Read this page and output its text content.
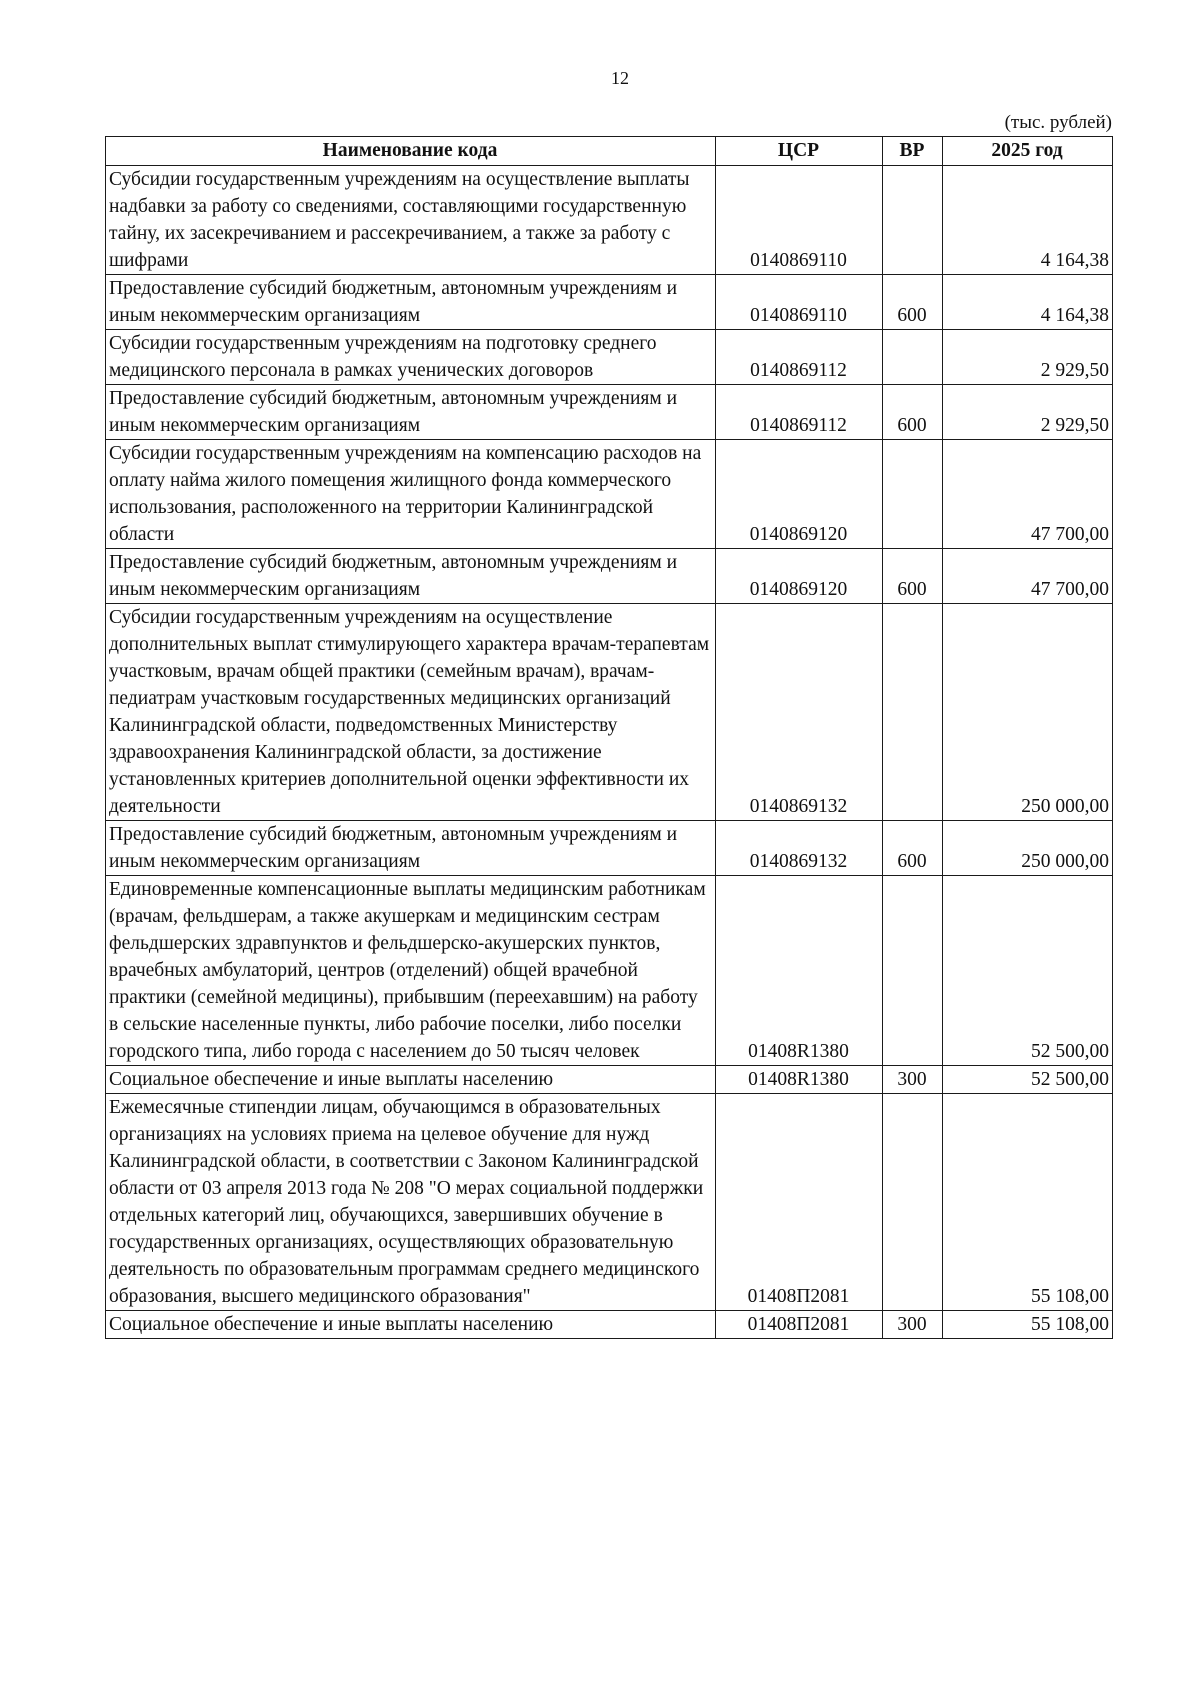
12
(тыс. рублей)
Наименование кода	ЦСР	ВР	2025 год
Субсидии государственным учреждениям на осуществление выплаты надбавки за работу со сведениями, составляющими государственную тайну, их засекречиванием и рассекречиванием, а также за работу с шифрами	0140869110		4 164,38
Предоставление субсидий бюджетным, автономным учреждениям и иным некоммерческим организациям	0140869110	600	4 164,38
Субсидии государственным учреждениям на подготовку среднего медицинского персонала в рамках ученических договоров	0140869112		2 929,50
Предоставление субсидий бюджетным, автономным учреждениям и иным некоммерческим организациям	0140869112	600	2 929,50
Субсидии государственным учреждениям на компенсацию расходов на оплату найма жилого помещения жилищного фонда коммерческого использования, расположенного на территории Калининградской области	0140869120		47 700,00
Предоставление субсидий бюджетным, автономным учреждениям и иным некоммерческим организациям	0140869120	600	47 700,00
Субсидии государственным учреждениям на осуществление дополнительных выплат стимулирующего характера врачам-терапевтам участковым, врачам общей практики (семейным врачам), врачам-педиатрам участковым государственных медицинских организаций Калининградской области, подведомственных Министерству здравоохранения Калининградской области, за достижение установленных критериев дополнительной оценки эффективности их деятельности	0140869132		250 000,00
Предоставление субсидий бюджетным, автономным учреждениям и иным некоммерческим организациям	0140869132	600	250 000,00
Единовременные компенсационные выплаты медицинским работникам (врачам, фельдшерам, а также акушеркам и медицинским сестрам фельдшерских здравпунктов и фельдшерско-акушерских пунктов, врачебных амбулаторий, центров (отделений) общей врачебной практики (семейной медицины), прибывшим (переехавшим) на работу в сельские населенные пункты, либо рабочие поселки, либо поселки городского типа, либо города с населением до 50 тысяч человек	01408R1380		52 500,00
Социальное обеспечение и иные выплаты населению	01408R1380	300	52 500,00
Ежемесячные стипендии лицам, обучающимся в образовательных организациях на условиях приема на целевое обучение для нужд Калининградской области, в соответствии с Законом Калининградской области от 03 апреля 2013 года № 208 "О мерах социальной поддержки отдельных категорий лиц, обучающихся, завершивших обучение в государственных организациях, осуществляющих образовательную деятельность по образовательным программам среднего медицинского образования, высшего медицинского образования"	01408П2081		55 108,00
Социальное обеспечение и иные выплаты населению	01408П2081	300	55 108,00
